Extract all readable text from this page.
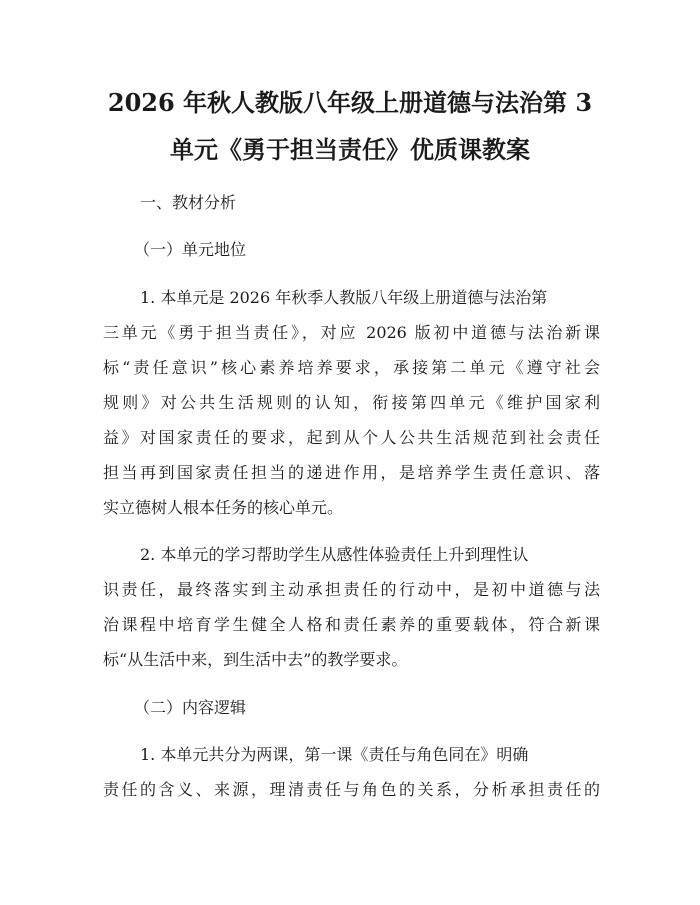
2026 年秋人教版八年级上册道德与法治第 3
单元《勇于担当责任》优质课教案
一、教材分析
（一）单元地位
1. 本单元是 2026 年秋季人教版八年级上册道德与法治第
三单元《勇于担当责任》，对应 2026 版初中道德与法治新课
标“责任意识”核心素养培养要求，承接第二单元《遵守社会
规则》对公共生活规则的认知，衔接第四单元《维护国家利
益》对国家责任的要求，起到从个人公共生活规范到社会责任
担当再到国家责任担当的递进作用，是培养学生责任意识、落
实立德树人根本任务的核心单元。
2. 本单元的学习帮助学生从感性体验责任上升到理性认
识责任，最终落实到主动承担责任的行动中，是初中道德与法
治课程中培育学生健全人格和责任素养的重要载体，符合新课
标“从生活中来，到生活中去”的教学要求。
（二）内容逻辑
1. 本单元共分为两课，第一课《责任与角色同在》明确
责任的含义、来源，理清责任与角色的关系，分析承担责任的
